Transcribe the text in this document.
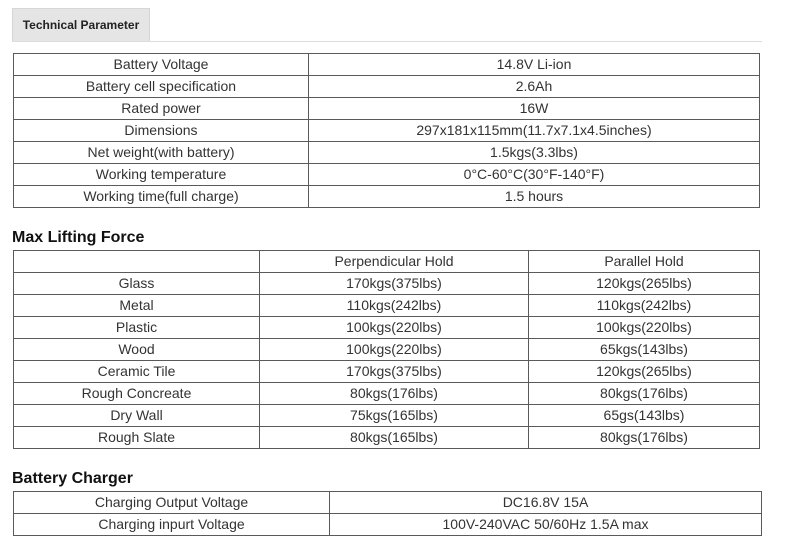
Technical Parameter
Battery Voltage	14.8V Li-ion
Battery cell specification	2.6Ah
Rated power	16W
Dimensions	297x181x115mm(11.7x7.1x4.5inches)
Net weight(with battery)	1.5kgs(3.3lbs)
Working temperature	0°C-60°C(30°F-140°F)
Working time(full charge)	1.5 hours
Max Lifting Force
	Perpendicular Hold	Parallel Hold
Glass	170kgs(375lbs)	120kgs(265lbs)
Metal	110kgs(242lbs)	110kgs(242lbs)
Plastic	100kgs(220lbs)	100kgs(220lbs)
Wood	100kgs(220lbs)	65kgs(143lbs)
Ceramic Tile	170kgs(375lbs)	120kgs(265lbs)
Rough Concreate	80kgs(176lbs)	80kgs(176lbs)
Dry Wall	75kgs(165lbs)	65gs(143lbs)
Rough Slate	80kgs(165lbs)	80kgs(176lbs)
Battery Charger
Charging Output Voltage	DC16.8V 15A
Charging inpurt Voltage	100V-240VAC 50/60Hz 1.5A max
